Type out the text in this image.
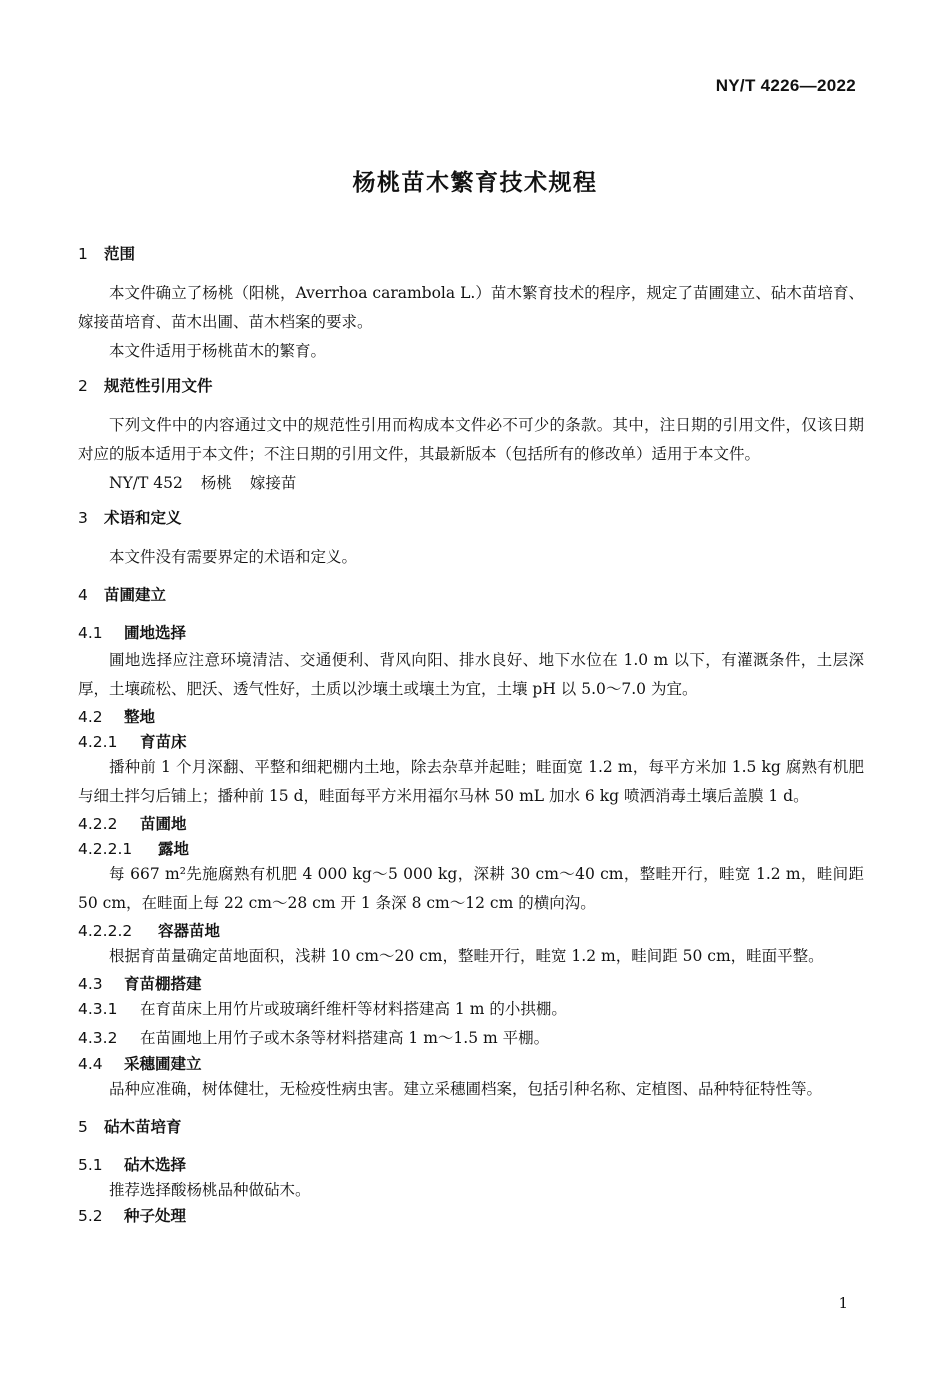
NY/T 4226—2022
杨桃苗木繁育技术规程
1 范围
本文件确立了杨桃（阳桃，Averrhoa carambola L.）苗木繁育技术的程序，规定了苗圃建立、砧木苗培育、嫁接苗培育、苗木出圃、苗木档案的要求。
本文件适用于杨桃苗木的繁育。
2 规范性引用文件
下列文件中的内容通过文中的规范性引用而构成本文件必不可少的条款。其中，注日期的引用文件，仅该日期对应的版本适用于本文件；不注日期的引用文件，其最新版本（包括所有的修改单）适用于本文件。
NY/T 452 杨桃 嫁接苗
3 术语和定义
本文件没有需要界定的术语和定义。
4 苗圃建立
4.1 圃地选择
圃地选择应注意环境清洁、交通便利、背风向阳、排水良好、地下水位在 1.0 m 以下，有灌溉条件，土层深厚，土壤疏松、肥沃、透气性好，土质以沙壤土或壤土为宜，土壤 pH 以 5.0～7.0 为宜。
4.2 整地
4.2.1 育苗床
播种前 1 个月深翻、平整和细耙棚内土地，除去杂草并起畦；畦面宽 1.2 m，每平方米加 1.5 kg 腐熟有机肥与细土拌匀后铺上；播种前 15 d，畦面每平方米用福尔马林 50 mL 加水 6 kg 喷洒消毒土壤后盖膜 1 d。
4.2.2 苗圃地
4.2.2.1 露地
每 667 m²先施腐熟有机肥 4 000 kg～5 000 kg，深耕 30 cm～40 cm，整畦开行，畦宽 1.2 m，畦间距 50 cm，在畦面上每 22 cm～28 cm 开 1 条深 8 cm～12 cm 的横向沟。
4.2.2.2 容器苗地
根据育苗量确定苗地面积，浅耕 10 cm～20 cm，整畦开行，畦宽 1.2 m，畦间距 50 cm，畦面平整。
4.3 育苗棚搭建
4.3.1 在育苗床上用竹片或玻璃纤维杆等材料搭建高 1 m 的小拱棚。
4.3.2 在苗圃地上用竹子或木条等材料搭建高 1 m～1.5 m 平棚。
4.4 采穗圃建立
品种应准确，树体健壮，无检疫性病虫害。建立采穗圃档案，包括引种名称、定植图、品种特征特性等。
5 砧木苗培育
5.1 砧木选择
推荐选择酸杨桃品种做砧木。
5.2 种子处理
1
